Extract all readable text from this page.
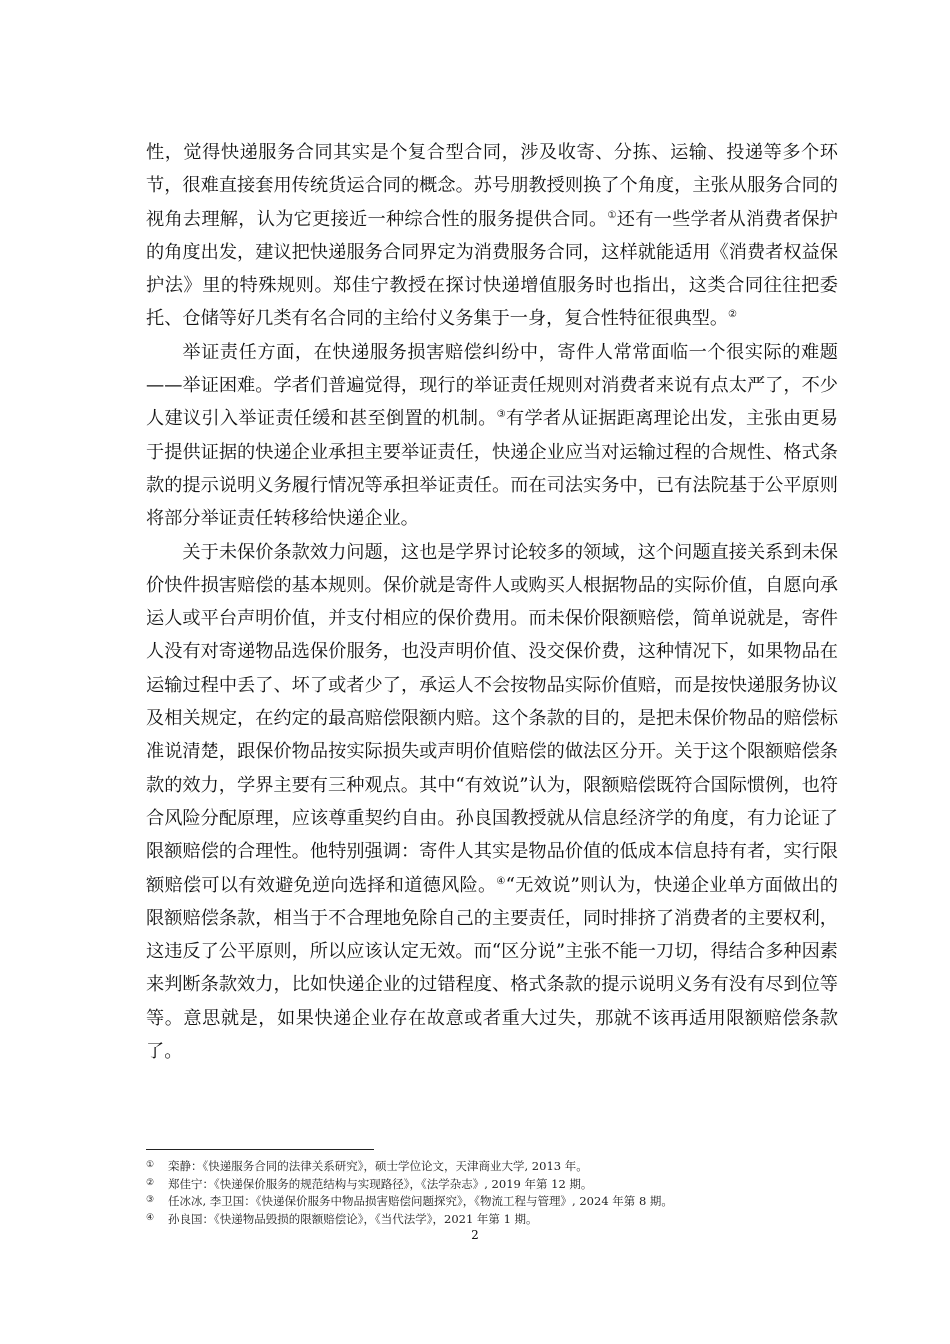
性，觉得快递服务合同其实是个复合型合同，涉及收寄、分拣、运输、投递等多个环节，很难直接套用传统货运合同的概念。苏号朋教授则换了个角度，主张从服务合同的视角去理解，认为它更接近一种综合性的服务提供合同。①还有一些学者从消费者保护的角度出发，建议把快递服务合同界定为消费服务合同，这样就能适用《消费者权益保护法》里的特殊规则。郑佳宁教授在探讨快递增值服务时也指出，这类合同往往把委托、仓储等好几类有名合同的主给付义务集于一身，复合性特征很典型。②

举证责任方面，在快递服务损害赔偿纠纷中，寄件人常常面临一个很实际的难题——举证困难。学者们普遍觉得，现行的举证责任规则对消费者来说有点太严了，不少人建议引入举证责任缓和甚至倒置的机制。③有学者从证据距离理论出发，主张由更易于提供证据的快递企业承担主要举证责任，快递企业应当对运输过程的合规性、格式条款的提示说明义务履行情况等承担举证责任。而在司法实务中，已有法院基于公平原则将部分举证责任转移给快递企业。

关于未保价条款效力问题，这也是学界讨论较多的领域，这个问题直接关系到未保价快件损害赔偿的基本规则。保价就是寄件人或购买人根据物品的实际价值，自愿向承运人或平台声明价值，并支付相应的保价费用。而未保价限额赔偿，简单说就是，寄件人没有对寄递物品选保价服务，也没声明价值、没交保价费，这种情况下，如果物品在运输过程中丢了、坏了或者少了，承运人不会按物品实际价值赔，而是按快递服务协议及相关规定，在约定的最高赔偿限额内赔。这个条款的目的，是把未保价物品的赔偿标准说清楚，跟保价物品按实际损失或声明价值赔偿的做法区分开。关于这个限额赔偿条款的效力，学界主要有三种观点。其中“有效说”认为，限额赔偿既符合国际惯例，也符合风险分配原理，应该尊重契约自由。孙良国教授就从信息经济学的角度，有力论证了限额赔偿的合理性。他特别强调：寄件人其实是物品价值的低成本信息持有者，实行限额赔偿可以有效避免逆向选择和道德风险。④“无效说”则认为，快递企业单方面做出的限额赔偿条款，相当于不合理地免除自己的主要责任，同时排挤了消费者的主要权利，这违反了公平原则，所以应该认定无效。而“区分说”主张不能一刀切，得结合多种因素来判断条款效力，比如快递企业的过错程度、格式条款的提示说明义务有没有尽到位等等。意思就是，如果快递企业存在故意或者重大过失，那就不该再适用限额赔偿条款了。

① 栾静：《快递服务合同的法律关系研究》，硕士学位论文，天津商业大学, 2013 年。
② 郑佳宁：《快递保价服务的规范结构与实现路径》，《法学杂志》, 2019 年第 12 期。
③ 任冰冰, 李卫国：《快递保价服务中物品损害赔偿问题探究》，《物流工程与管理》, 2024 年第 8 期。
④ 孙良国：《快递物品毁损的限额赔偿论》，《当代法学》，2021 年第 1 期。
2
